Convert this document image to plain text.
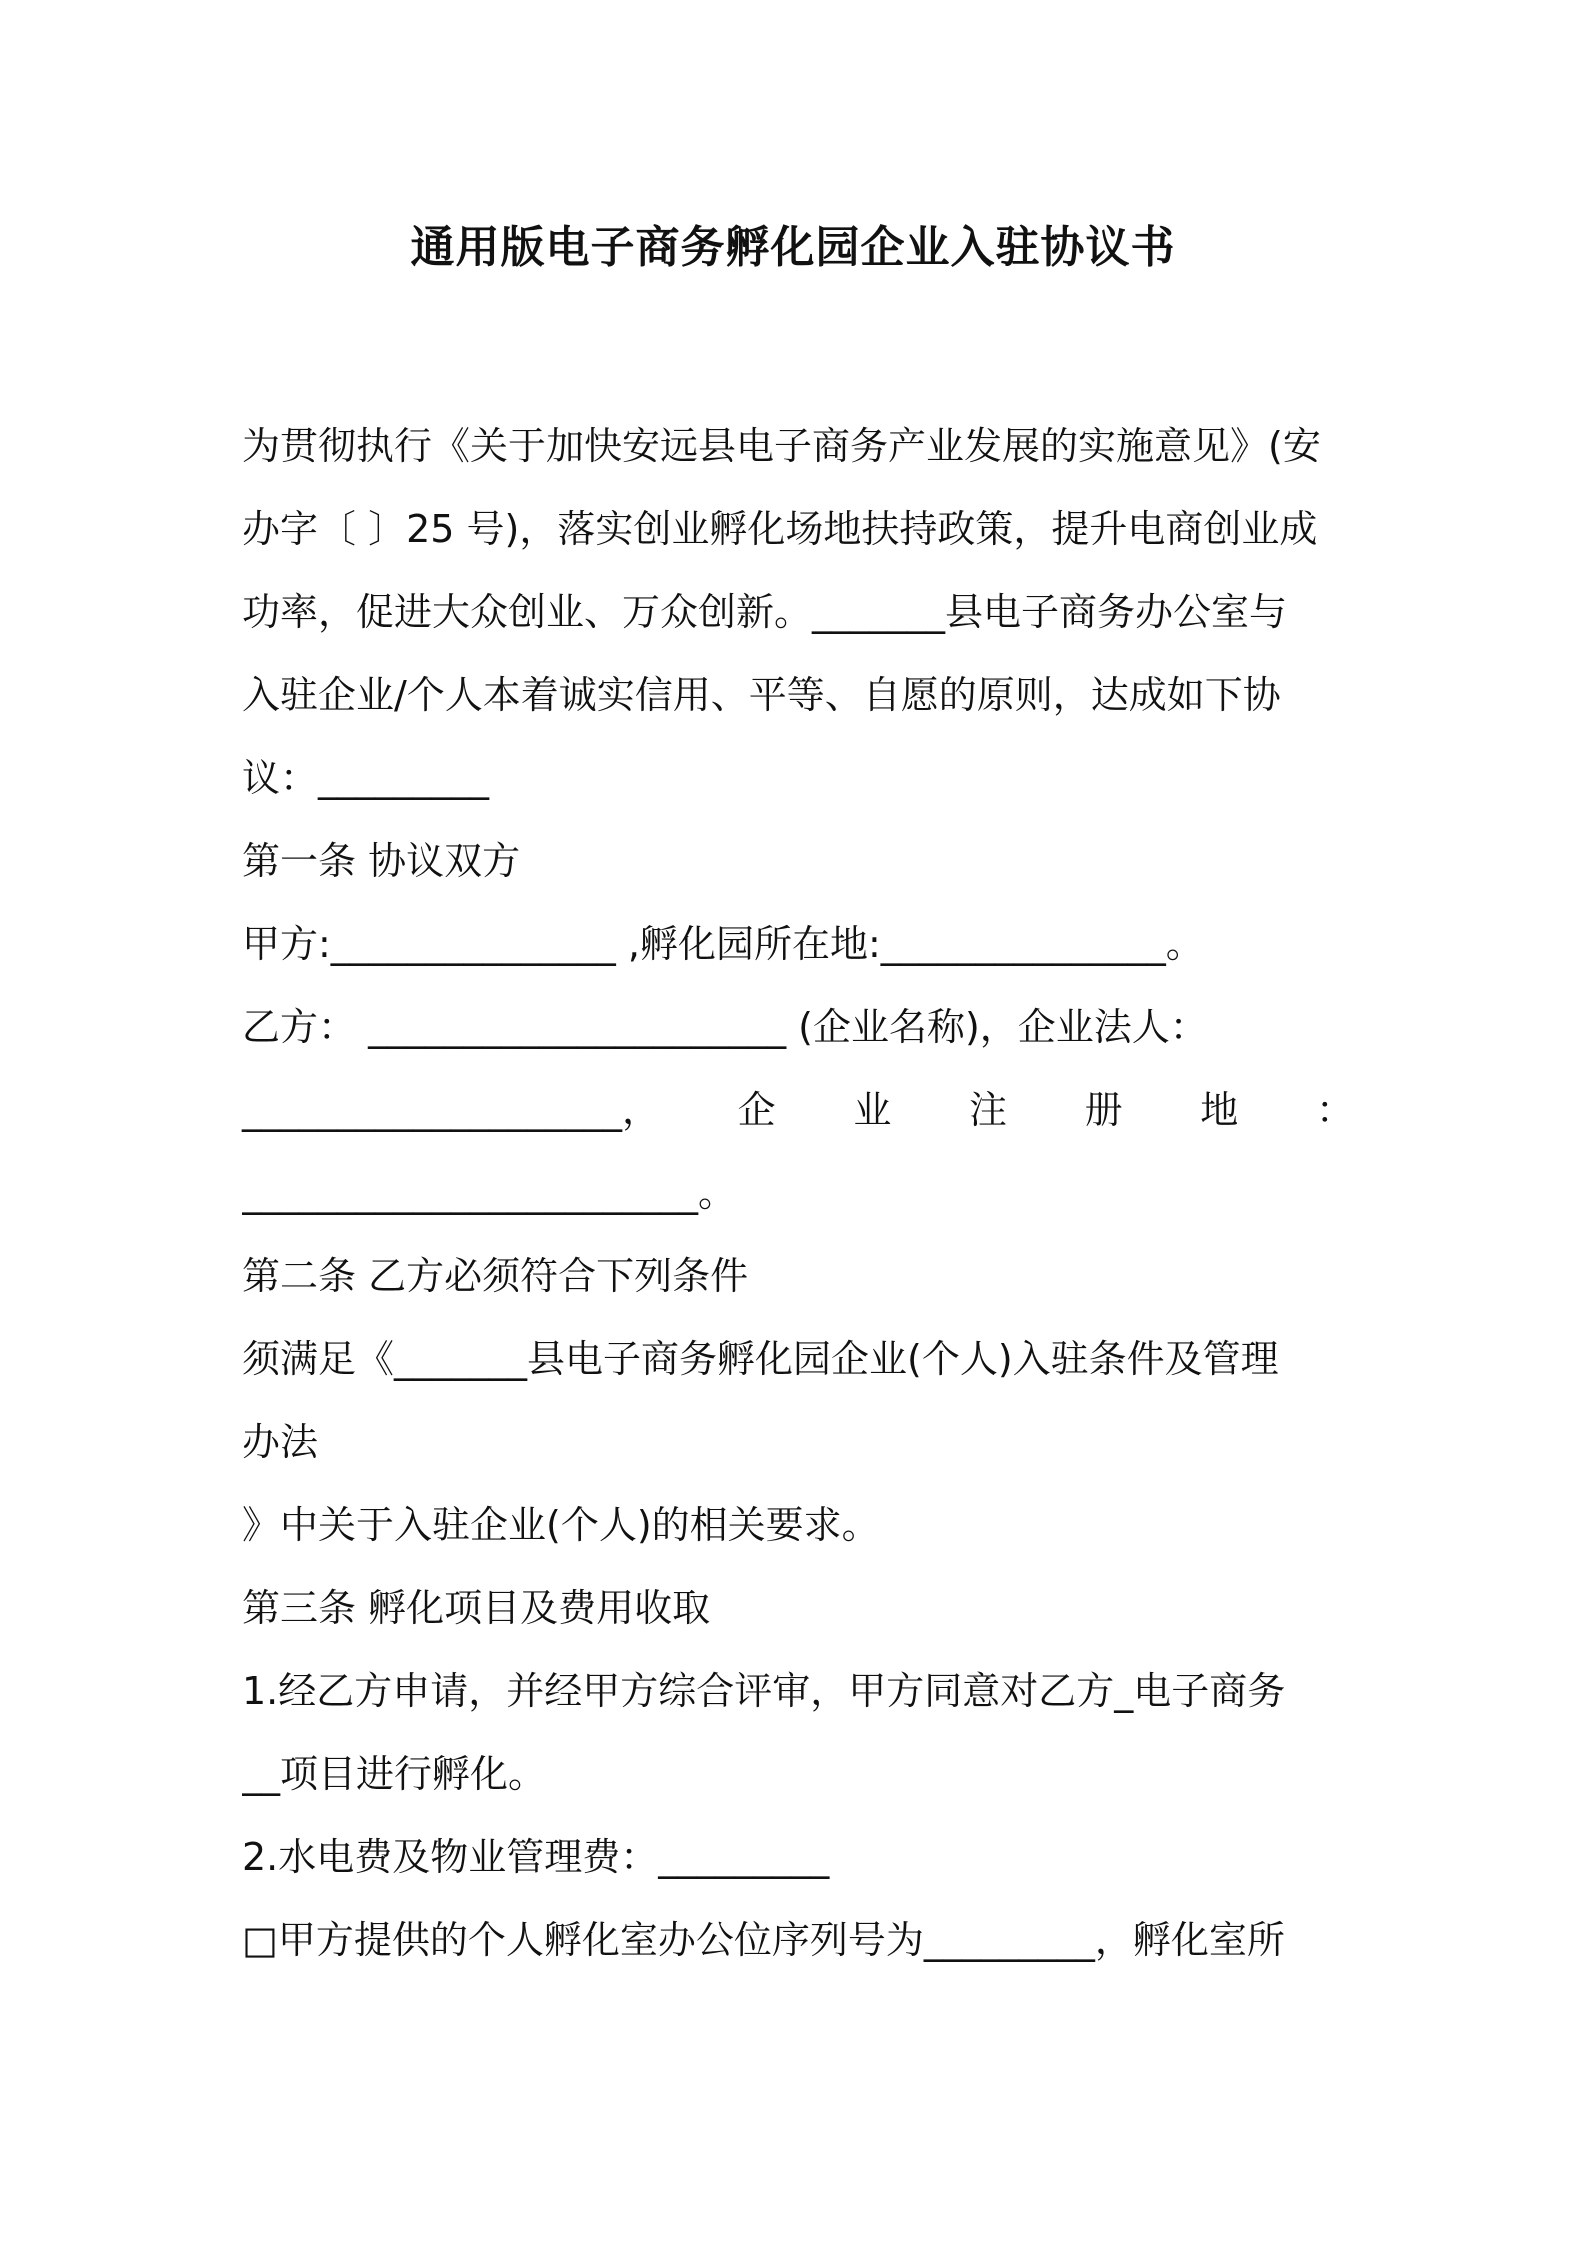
通用版电子商务孵化园企业入驻协议书
为贯彻执行《关于加快安远县电子商务产业发展的实施意见》(安
办字〔 〕25 号)，落实创业孵化场地扶持政策，提升电商创业成
功率，促进大众创业、万众创新。_______县电子商务办公室与
入驻企业/个人本着诚实信用、平等、自愿的原则，达成如下协
议：_________
第一条 协议双方
甲方:_______________ ,孵化园所在地:_______________。
乙方： ______________________ (企业名称)，企业法人：
____________________， 企 业 注 册 地 ：
________________________。
第二条 乙方必须符合下列条件
须满足《_______县电子商务孵化园企业(个人)入驻条件及管理
办法
》中关于入驻企业(个人)的相关要求。
第三条 孵化项目及费用收取
1.经乙方申请，并经甲方综合评审，甲方同意对乙方_电子商务
__项目进行孵化。
2.水电费及物业管理费：_________
□甲方提供的个人孵化室办公位序列号为_________，孵化室所
